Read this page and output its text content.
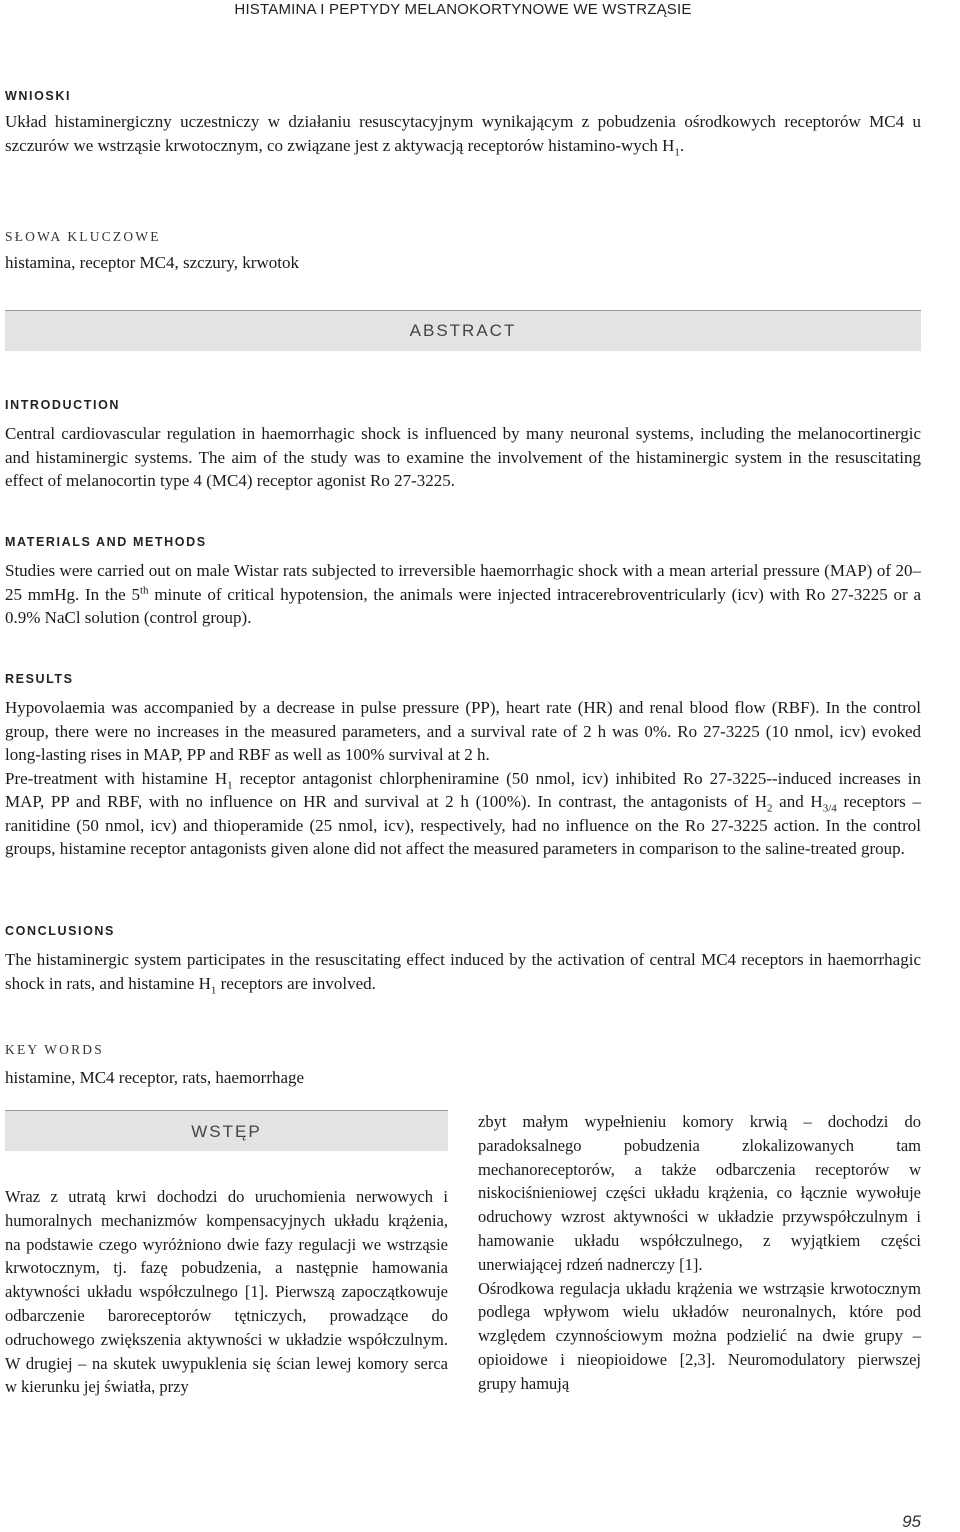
HISTAMINA I PEPTYDY MELANOKORTYNOWE WE WSTRZĄSIE

WNIOSKI

Układ histaminergiczny uczestniczy w działaniu resuscytacyjnym wynikającym z pobudzenia ośrodkowych receptorów MC4 u szczurów we wstrząsie krwotocznym, co związane jest z aktywacją receptorów histamino-wych $H_1$.

SŁOWA KLUCZOWE

histamina, receptor MC4, szczury, krwotok

ABSTRACT

INTRODUCTION

Central cardiovascular regulation in haemorrhagic shock is influenced by many neuronal systems, including the melanocortinergic and histaminergic systems. The aim of the study was to examine the involvement of the histaminergic system in the resuscitating effect of melanocortin type 4 (MC4) receptor agonist Ro 27-3225.

MATERIALS AND METHODS

Studies were carried out on male Wistar rats subjected to irreversible haemorrhagic shock with a mean arterial pressure (MAP) of 20–25 mmHg. In the 5th minute of critical hypotension, the animals were injected intracerebroventricularly (icv) with Ro 27-3225 or a 0.9% NaCl solution (control group).

RESULTS

Hypovolaemia was accompanied by a decrease in pulse pressure (PP), heart rate (HR) and renal blood flow (RBF). In the control group, there were no increases in the measured parameters, and a survival rate of 2 h was 0%. Ro 27-3225 (10 nmol, icv) evoked long-lasting rises in MAP, PP and RBF as well as 100% survival at 2 h.

Pre-treatment with histamine $H_1$ receptor antagonist chlorpheniramine (50 nmol, icv) inhibited Ro 27-3225--induced increases in MAP, PP and RBF, with no influence on HR and survival at 2 h (100%). In contrast, the antagonists of $H_2$ and $H_{3/4}$ receptors – ranitidine (50 nmol, icv) and thioperamide (25 nmol, icv), respectively, had no influence on the Ro 27-3225 action. In the control groups, histamine receptor antagonists given alone did not affect the measured parameters in comparison to the saline-treated group.

CONCLUSIONS

The histaminergic system participates in the resuscitating effect induced by the activation of central MC4 receptors in haemorrhagic shock in rats, and histamine $H_1$ receptors are involved.

KEY WORDS

histamine, MC4 receptor, rats, haemorrhage

WSTĘP

Wraz z utratą krwi dochodzi do uruchomienia nerwowych i humoralnych mechanizmów kompensacyjnych układu krążenia, na podstawie czego wyróżniono dwie fazy regulacji we wstrząsie krwotocznym, tj. fazę pobudzenia, a następnie hamowania aktywności układu współczulnego [1]. Pierwszą zapoczątkowuje odbarczenie baroreceptorów tętniczych, prowadzące do odruchowego zwiększenia aktywności w układzie współczulnym. W drugiej – na skutek uwypuklenia się ścian lewej komory serca w kierunku jej światła, przy

zbyt małym wypełnieniu komory krwią – dochodzi do paradoksalnego pobudzenia zlokalizowanych tam mechanoreceptorów, a także odbarczenia receptorów w niskociśnieniowej części układu krążenia, co łącznie wywołuje odruchowy wzrost aktywności w układzie przywspółczulnym i hamowanie układu współczulnego, z wyjątkiem części unerwiającej rdzeń nadnerczy [1].

Ośrodkowa regulacja układu krążenia we wstrząsie krwotocznym podlega wpływom wielu układów neuronalnych, które pod względem czynnościowym można podzielić na dwie grupy – opioidowe i nieopioidowe [2,3]. Neuromodulatory pierwszej grupy hamują

95
